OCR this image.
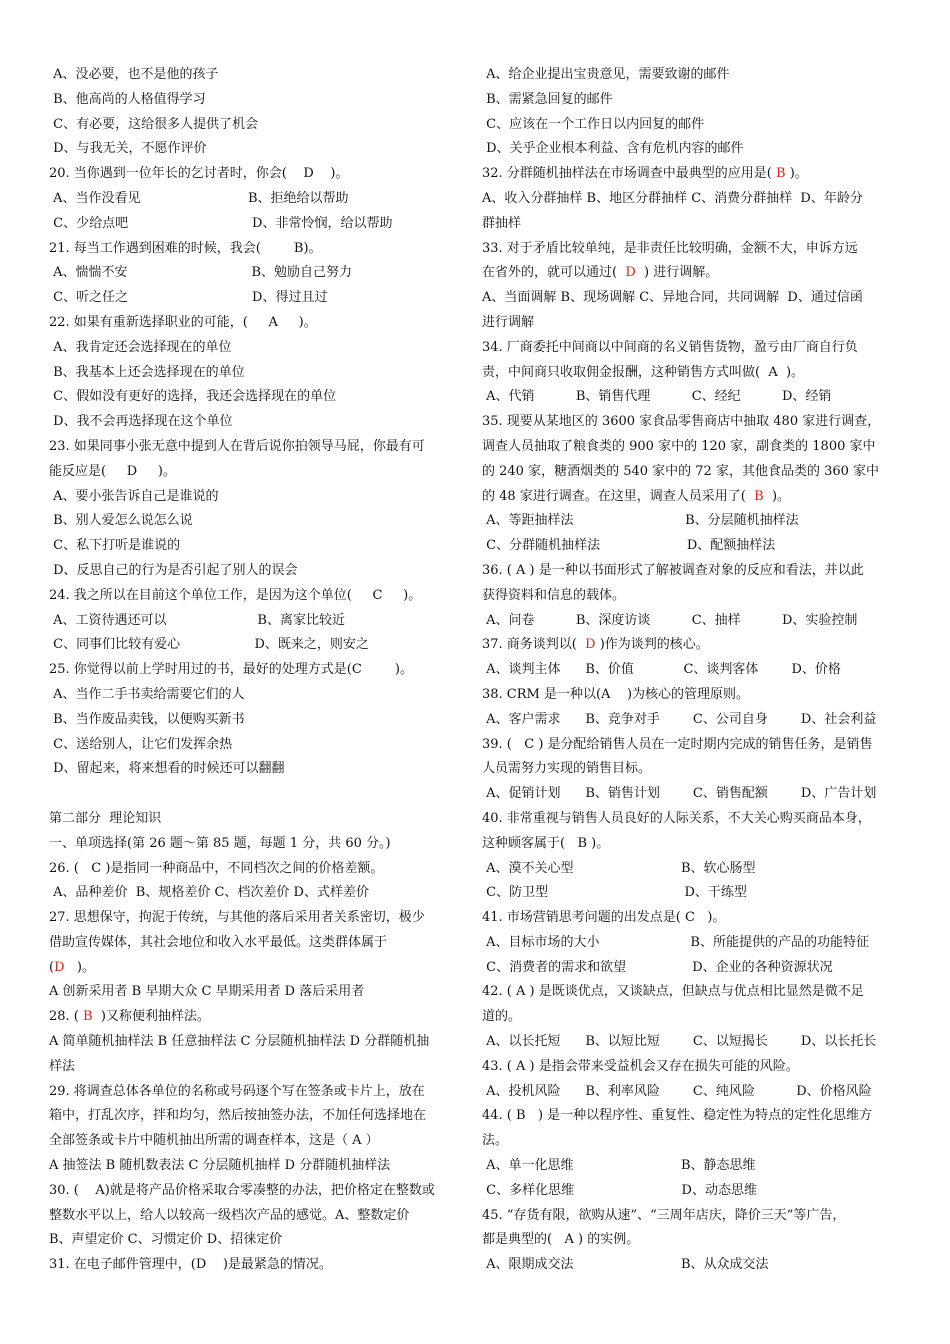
A、没必要，也不是他的孩子
B、他高尚的人格值得学习
C、有必要，这给很多人提供了机会
D、与我无关，不愿作评价
20. 当你遇到一位年长的乞讨者时，你会(    D    )。
A、当作没看见                          B、拒绝给以帮助
C、少给点吧                              D、非常怜悯，给以帮助
21. 每当工作遇到困难的时候，我会(        B)。
A、惴惴不安                              B、勉励自己努力
C、听之任之                              D、得过且过
22. 如果有重新选择职业的可能，(     A     )。
A、我肯定还会选择现在的单位
B、我基本上还会选择现在的单位
C、假如没有更好的选择，我还会选择现在的单位
D、我不会再选择现在这个单位
23. 如果同事小张无意中提到人在背后说你拍领导马屁，你最有可
能反应是(     D     )。
A、要小张告诉自己是谁说的
B、别人爱怎么说怎么说
C、私下打听是谁说的
D、反思自己的行为是否引起了别人的误会
24. 我之所以在目前这个单位工作，是因为这个单位(     C     )。
A、工资待遇还可以                      B、离家比较近
C、同事们比较有爱心                  D、既来之，则安之
25. 你觉得以前上学时用过的书，最好的处理方式是(C        )。
A、当作二手书卖给需要它们的人
B、当作废品卖钱，以便购买新书
C、送给别人，让它们发挥余热
D、留起来，将来想看的时候还可以翻翻
第二部分  理论知识
一、单项选择(第 26 题～第 85 题，每题 1 分，共 60 分。)
26. (   C )是指同一种商品中，不同档次之间的价格差额。
A、品种差价  B、规格差价 C、档次差价 D、式样差价
27. 思想保守，拘泥于传统，与其他的落后采用者关系密切，极少
借助宣传媒体，其社会地位和收入水平最低。这类群体属于
(D   )。
A 创新采用者 B 早期大众 C 早期采用者 D 落后采用者
28. ( B  )又称便利抽样法。
A 简单随机抽样法 B 任意抽样法 C 分层随机抽样法 D 分群随机抽
样法
29. 将调查总体各单位的名称或号码逐个写在签条或卡片上，放在
箱中，打乱次序，拌和均匀，然后按抽签办法，不加任何选择地在
全部签条或卡片中随机抽出所需的调查样本，这是（ A ）
A 抽签法 B 随机数表法 C 分层随机抽样 D 分群随机抽样法
30. (    A)就是将产品价格采取合零凑整的办法，把价格定在整数或
整数水平以上，给人以较高一级档次产品的感觉。A、整数定价
B、声望定价 C、习惯定价 D、招徕定价
31. 在电子邮件管理中，(D    )是最紧急的情况。
A、给企业提出宝贵意见，需要致谢的邮件
B、需紧急回复的邮件
C、应该在一个工作日以内回复的邮件
D、关乎企业根本利益、含有危机内容的邮件
32. 分群随机抽样法在市场调查中最典型的应用是( B )。
A、收入分群抽样 B、地区分群抽样 C、消费分群抽样  D、年龄分
群抽样
33. 对于矛盾比较单纯，是非责任比较明确，金额不大，申诉方远
在省外的，就可以通过(  D  ) 进行调解。
A、当面调解 B、现场调解 C、异地合同，共同调解  D、通过信函
进行调解
34. 厂商委托中间商以中间商的名义销售货物，盈亏由厂商自行负
责，中间商只收取佣金报酬，这种销售方式叫做(  A  )。
A、代销          B、销售代理          C、经纪          D、经销
35. 现要从某地区的 3600 家食品零售商店中抽取 480 家进行调查，
调查人员抽取了粮食类的 900 家中的 120 家，副食类的 1800 家中
的 240 家，糖酒烟类的 540 家中的 72 家，其他食品类的 360 家中
的 48 家进行调查。在这里，调查人员采用了(  B  )。
A、等距抽样法                           B、分层随机抽样法
C、分群随机抽样法                     D、配额抽样法
36. ( A ) 是一种以书面形式了解被调查对象的反应和看法，并以此
获得资料和信息的载体。
A、问卷          B、深度访谈          C、抽样          D、实验控制
37. 商务谈判以(  D )作为谈判的核心。
A、谈判主体      B、价值            C、谈判客体        D、价格
38. CRM 是一种以(A    )为核心的管理原则。
A、客户需求      B、竞争对手        C、公司自身        D、社会利益
39. (   C ) 是分配给销售人员在一定时期内完成的销售任务，是销售
人员需努力实现的销售目标。
A、促销计划      B、销售计划        C、销售配额        D、广告计划
40. 非常重视与销售人员良好的人际关系，不大关心购买商品本身，
这种顾客属于(   B )。
A、漠不关心型                          B、软心肠型
C、防卫型                                 D、干练型
41. 市场营销思考问题的出发点是( C   )。
A、目标市场的大小                      B、所能提供的产品的功能特征
C、消费者的需求和欲望                D、企业的各种资源状况
42. ( A ) 是既谈优点，又谈缺点，但缺点与优点相比显然是微不足
道的。
A、以长托短      B、以短比短        C、以短揭长        D、以长托长
43. ( A ) 是指会带来受益机会又存在损失可能的风险。
A、投机风险      B、利率风险        C、纯风险          D、价格风险
44. ( B   ) 是一种以程序性、重复性、稳定性为特点的定性化思维方
法。
A、单一化思维                          B、静态思维
C、多样化思维                          D、动态思维
45. “存货有限，欲购从速”、“三周年店庆，降价三天”等广告，
都是典型的(   A ) 的实例。
A、限期成交法                          B、从众成交法
